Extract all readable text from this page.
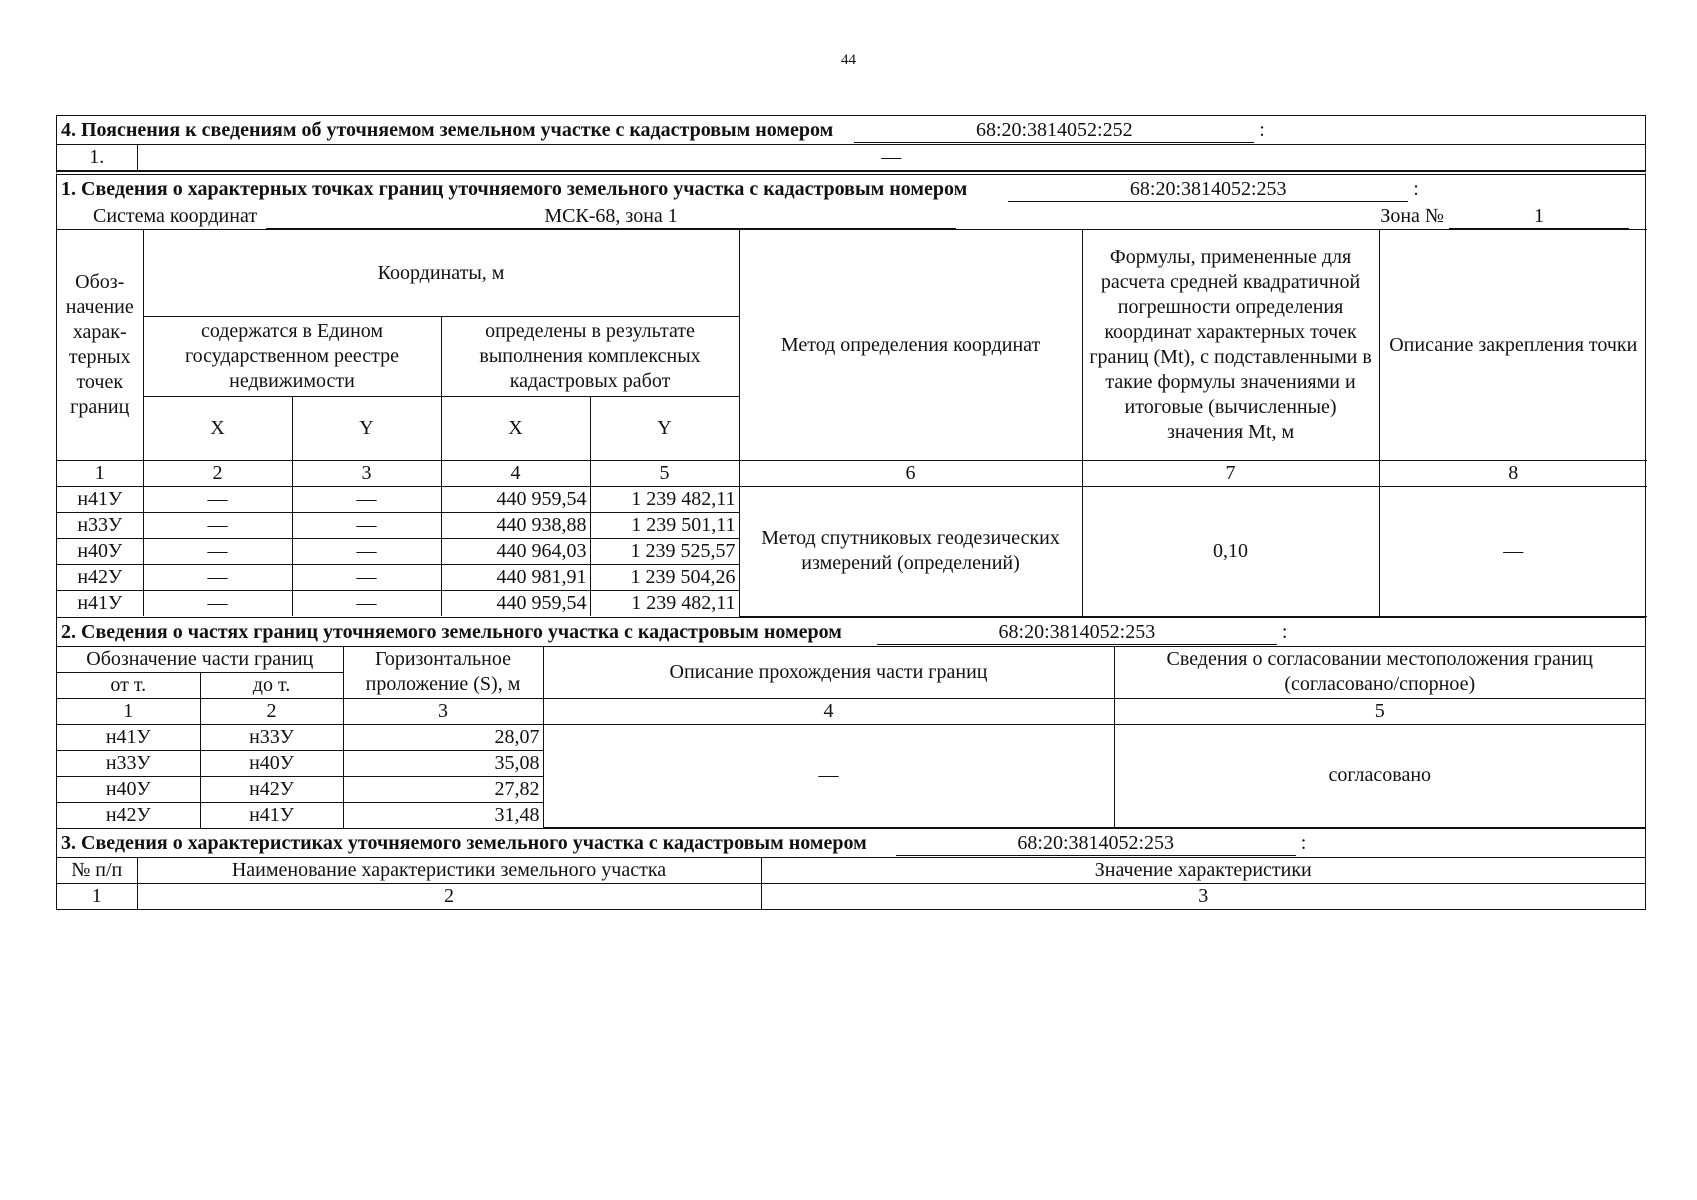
44
4. Пояснения к сведениям об уточняемом земельном участке с кадастровым номером	68:20:3814052:252	:
1.	—
1. Сведения о характерных точках границ уточняемого земельного участка с кадастровым номером	68:20:3814052:253	:
Система координат	МСК-68, зона 1	Зона №	1
Обоз-начение харак-терных точек границ	Координаты, м				Метод определения координат	Формулы, примененные для расчета средней квадратичной погрешности определения координат характерных точек границ (Mt), с подставленными в такие формулы значениями и итоговые (вычисленные) значения Mt, м	Описание закрепления точки
	содержатся в Едином государственном реестре недвижимости		определены в результате выполнения комплексных кадастровых работ				
	X	Y	X	Y			
1	2	3	4	5	6	7	8
н41У	—	—	440 959,54	1 239 482,11	Метод спутниковых геодезических измерений (определений)	0,10	—
н33У	—	—	440 938,88	1 239 501,11			
н40У	—	—	440 964,03	1 239 525,57			
н42У	—	—	440 981,91	1 239 504,26			
н41У	—	—	440 959,54	1 239 482,11			
2. Сведения о частях границ уточняемого земельного участка с кадастровым номером	68:20:3814052:253	:
Обозначение части границ		Горизонтальное проложение (S), м	Описание прохождения части границ	Сведения о согласовании местоположения границ (согласовано/спорное)
от т.	до т.			
1	2	3	4	5
н41У	н33У	28,07	—	согласовано
н33У	н40У	35,08		
н40У	н42У	27,82		
н42У	н41У	31,48		
3. Сведения о характеристиках уточняемого земельного участка с кадастровым номером	68:20:3814052:253	:
№ п/п	Наименование характеристики земельного участка	Значение характеристики
1	2	3
